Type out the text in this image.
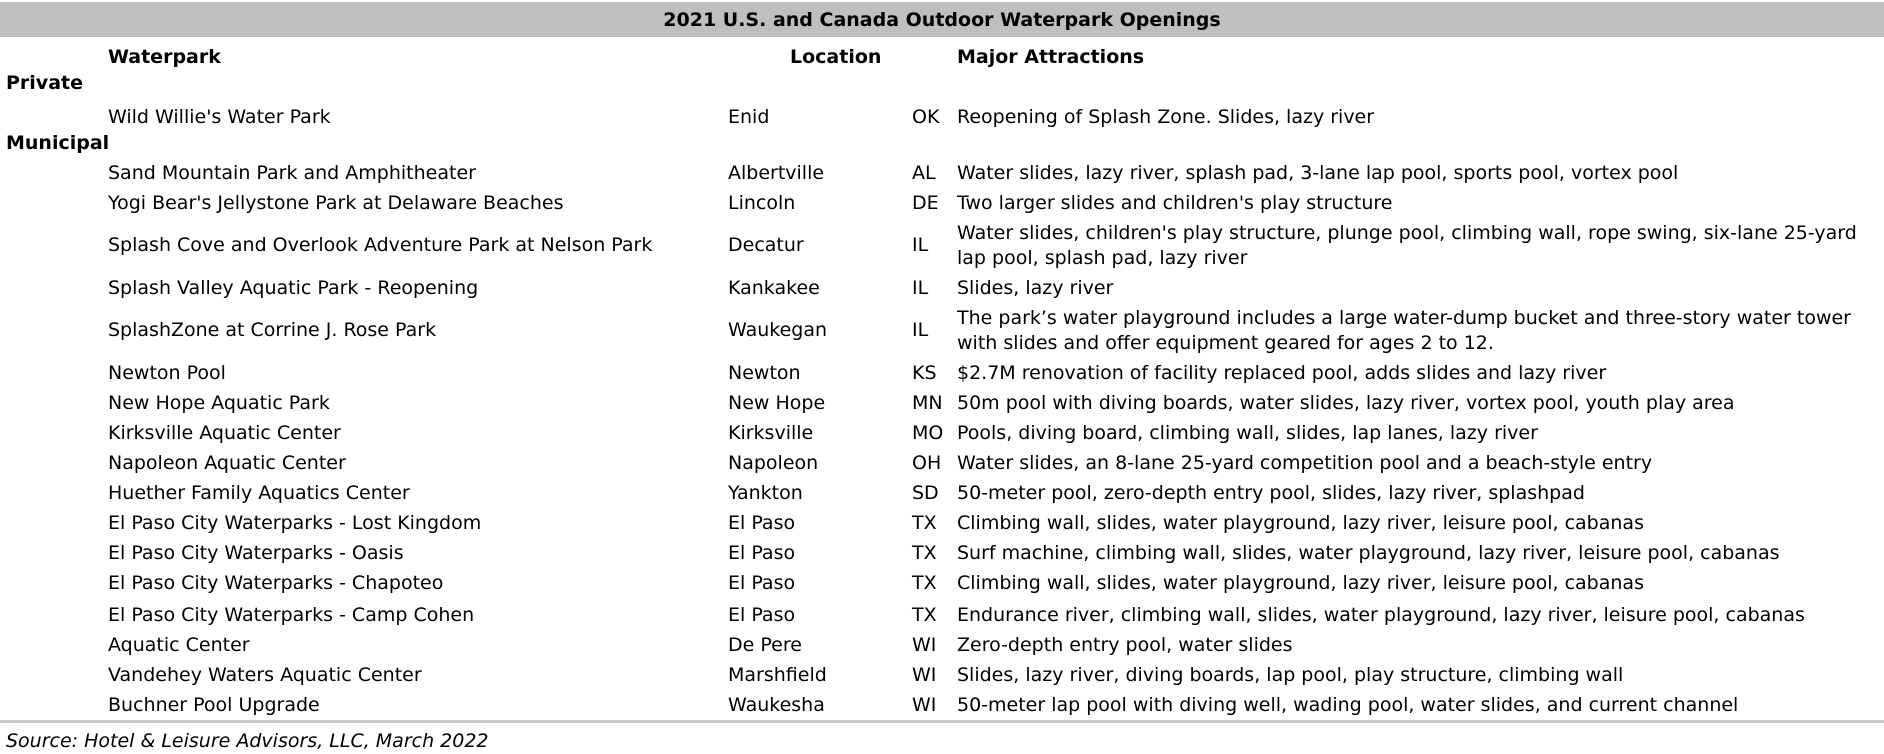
2021 U.S. and Canada Outdoor Waterpark Openings
Waterpark	Location	Major Attractions
Private
Wild Willie's Water Park	Enid	OK Reopening of Splash Zone. Slides, lazy river
Municipal
Sand Mountain Park and Amphitheater	Albertville	AL Water slides, lazy river, splash pad, 3-lane lap pool, sports pool, vortex pool
Yogi Bear's Jellystone Park at Delaware Beaches	Lincoln	DE Two larger slides and children's play structure
Splash Cove and Overlook Adventure Park at Nelson Park	Decatur	IL
Water slides, children's play structure, plunge pool, climbing wall, rope swing, six-lane 25-yard lap pool, splash pad, lazy river
Splash Valley Aquatic Park - Reopening	Kankakee	IL Slides, lazy river
SplashZone at Corrine J. Rose Park	Waukegan	IL
The park’s water playground includes a large water-dump bucket and three-story water tower with slides and offer equipment geared for ages 2 to 12.
Newton Pool	Newton	KS $2.7M renovation of facility replaced pool, adds slides and lazy river
New Hope Aquatic Park	New Hope	MN 50m pool with diving boards, water slides, lazy river, vortex pool, youth play area
Kirksville Aquatic Center	Kirksville	MO Pools, diving board, climbing wall, slides, lap lanes, lazy river
Napoleon Aquatic Center	Napoleon	OH Water slides, an 8-lane 25-yard competition pool and a beach-style entry
Huether Family Aquatics Center	Yankton	SD 50-meter pool, zero-depth entry pool, slides, lazy river, splashpad
El Paso City Waterparks - Lost Kingdom	El Paso	TX Climbing wall, slides, water playground, lazy river, leisure pool, cabanas
El Paso City Waterparks - Oasis	El Paso	TX Surf machine, climbing wall, slides, water playground, lazy river, leisure pool, cabanas
El Paso City Waterparks - Chapoteo	El Paso	TX Climbing wall, slides, water playground, lazy river, leisure pool, cabanas
El Paso City Waterparks - Camp Cohen	El Paso	TX Endurance river, climbing wall, slides, water playground, lazy river, leisure pool, cabanas
Aquatic Center	De Pere	WI Zero-depth entry pool, water slides
Vandehey Waters Aquatic Center	Marshfield	WI Slides, lazy river, diving boards, lap pool, play structure, climbing wall
Buchner Pool Upgrade	Waukesha	WI 50-meter lap pool with diving well, wading pool, water slides, and current channel
Source: Hotel & Leisure Advisors, LLC, March 2022
